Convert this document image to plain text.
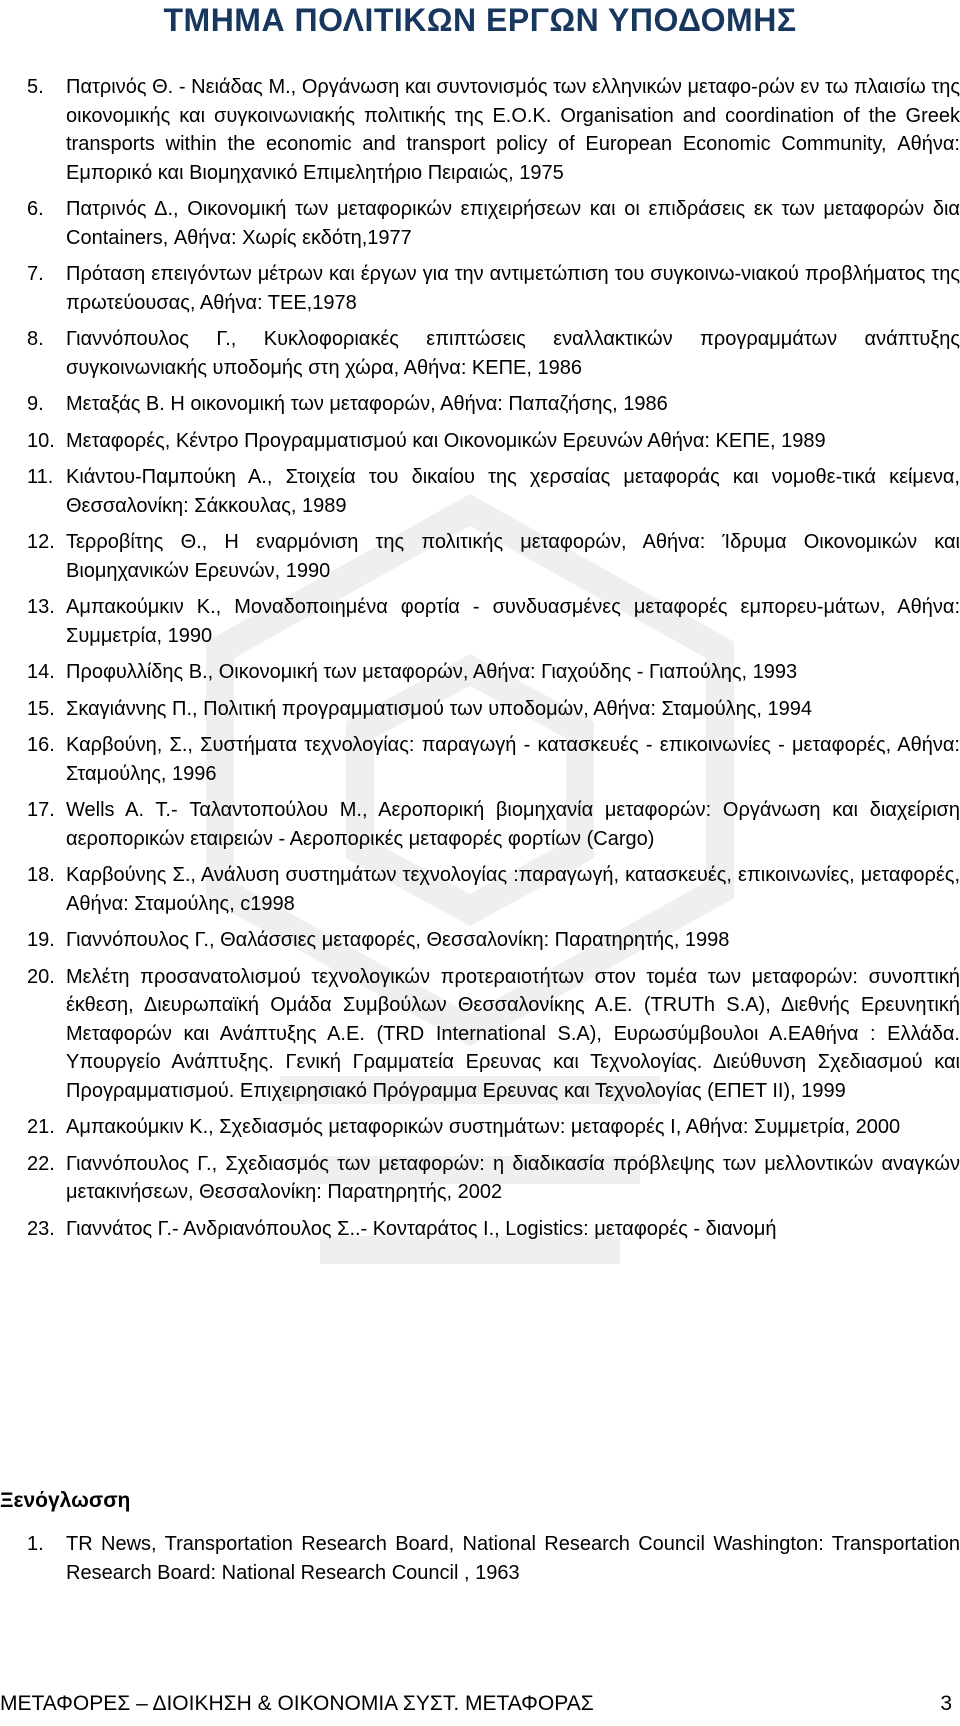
ΤΜΗΜΑ ΠΟΛΙΤΙΚΩΝ ΕΡΓΩΝ ΥΠΟΔΟΜΗΣ
5. Πατρινός Θ. - Νειάδας Μ., Οργάνωση και συντονισμός των ελληνικών μεταφο-ρών εν τω πλαισίω της οικονομικής και συγκοινωνιακής πολιτικής της Ε.Ο.Κ. Organisation and coordination of the Greek transports within the economic and transport policy of European Economic Community, Αθήνα: Εμπορικό και Βιομηχανικό Επιμελητήριο Πειραιώς, 1975
6. Πατρινός Δ., Οικονομική των μεταφορικών επιχειρήσεων και οι επιδράσεις εκ των μεταφορών δια Containers, Αθήνα: Χωρίς εκδότη,1977
7. Πρόταση επειγόντων μέτρων και έργων για την αντιμετώπιση του συγκοινω-νιακού προβλήματος της πρωτεύουσας, Αθήνα: ΤΕΕ,1978
8. Γιαννόπουλος Γ., Κυκλοφοριακές επιπτώσεις εναλλακτικών προγραμμάτων ανάπτυξης συγκοινωνιακής υποδομής στη χώρα, Αθήνα: ΚΕΠΕ, 1986
9. Μεταξάς Β. Η οικονομική των μεταφορών, Αθήνα: Παπαζήσης, 1986
10. Μεταφορές, Κέντρο Προγραμματισμού και Οικονομικών Ερευνών Αθήνα: ΚΕΠΕ, 1989
11. Κιάντου-Παμπούκη Α., Στοιχεία του δικαίου της χερσαίας μεταφοράς και νομοθε-τικά κείμενα, Θεσσαλονίκη: Σάκκουλας, 1989
12. Τερροβίτης Θ., Η εναρμόνιση της πολιτικής μεταφορών, Αθήνα: Ίδρυμα Οικονομικών και Βιομηχανικών Ερευνών, 1990
13. Αμπακούμκιν Κ., Μοναδοποιημένα φορτία - συνδυασμένες μεταφορές εμπορευ-μάτων, Αθήνα: Συμμετρία, 1990
14. Προφυλλίδης Β., Οικονομική των μεταφορών, Αθήνα: Γιαχούδης - Γιαπούλης, 1993
15. Σκαγιάννης Π., Πολιτική προγραμματισμού των υποδομών, Αθήνα: Σταμούλης, 1994
16. Καρβούνη, Σ., Συστήματα τεχνολογίας: παραγωγή - κατασκευές - επικοινωνίες - μεταφορές, Αθήνα: Σταμούλης, 1996
17. Wells A. T.- Ταλαντοπούλου Μ., Αεροπορική βιομηχανία μεταφορών: Οργάνωση και διαχείριση αεροπορικών εταιρειών - Αεροπορικές μεταφορές φορτίων (Cargo)
18. Καρβούνης Σ., Ανάλυση συστημάτων τεχνολογίας :παραγωγή, κατασκευές, επικοινωνίες, μεταφορές, Αθήνα: Σταμούλης, c1998
19. Γιαννόπουλος Γ., Θαλάσσιες μεταφορές, Θεσσαλονίκη: Παρατηρητής, 1998
20. Μελέτη προσανατολισμού τεχνολογικών προτεραιοτήτων στον τομέα των μεταφορών: συνοπτική έκθεση, Διευρωπαϊκή Ομάδα Συμβούλων Θεσσαλονίκης Α.Ε. (TRUTh S.A), Διεθνής Ερευνητική Μεταφορών και Ανάπτυξης Α.Ε. (TRD International S.A), Ευρωσύμβουλοι Α.ΕΑθήνα : Ελλάδα. Υπουργείο Ανάπτυξης. Γενική Γραμματεία Ερευνας και Τεχνολογίας. Διεύθυνση Σχεδιασμού και Προγραμματισμού. Επιχειρησιακό Πρόγραμμα Ερευνας και Τεχνολογίας (ΕΠΕΤ ΙΙ), 1999
21. Αμπακούμκιν Κ., Σχεδιασμός μεταφορικών συστημάτων: μεταφορές Ι, Αθήνα: Συμμετρία, 2000
22. Γιαννόπουλος Γ., Σχεδιασμός των μεταφορών: η διαδικασία πρόβλεψης των μελλοντικών αναγκών μετακινήσεων, Θεσσαλονίκη: Παρατηρητής, 2002
23. Γιαννάτος Γ.- Ανδριανόπουλος Σ..- Κονταράτος Ι., Logistics: μεταφορές - διανομή
Ξενόγλωσση
1. TR News, Transportation Research Board, National Research Council Washington: Transportation Research Board: National Research Council , 1963
ΜΕΤΑΦΟΡΕΣ – ΔΙΟΙΚΗΣΗ & ΟΙΚΟΝΟΜΙΑ ΣΥΣΤ. ΜΕΤΑΦΟΡΑΣ	3
